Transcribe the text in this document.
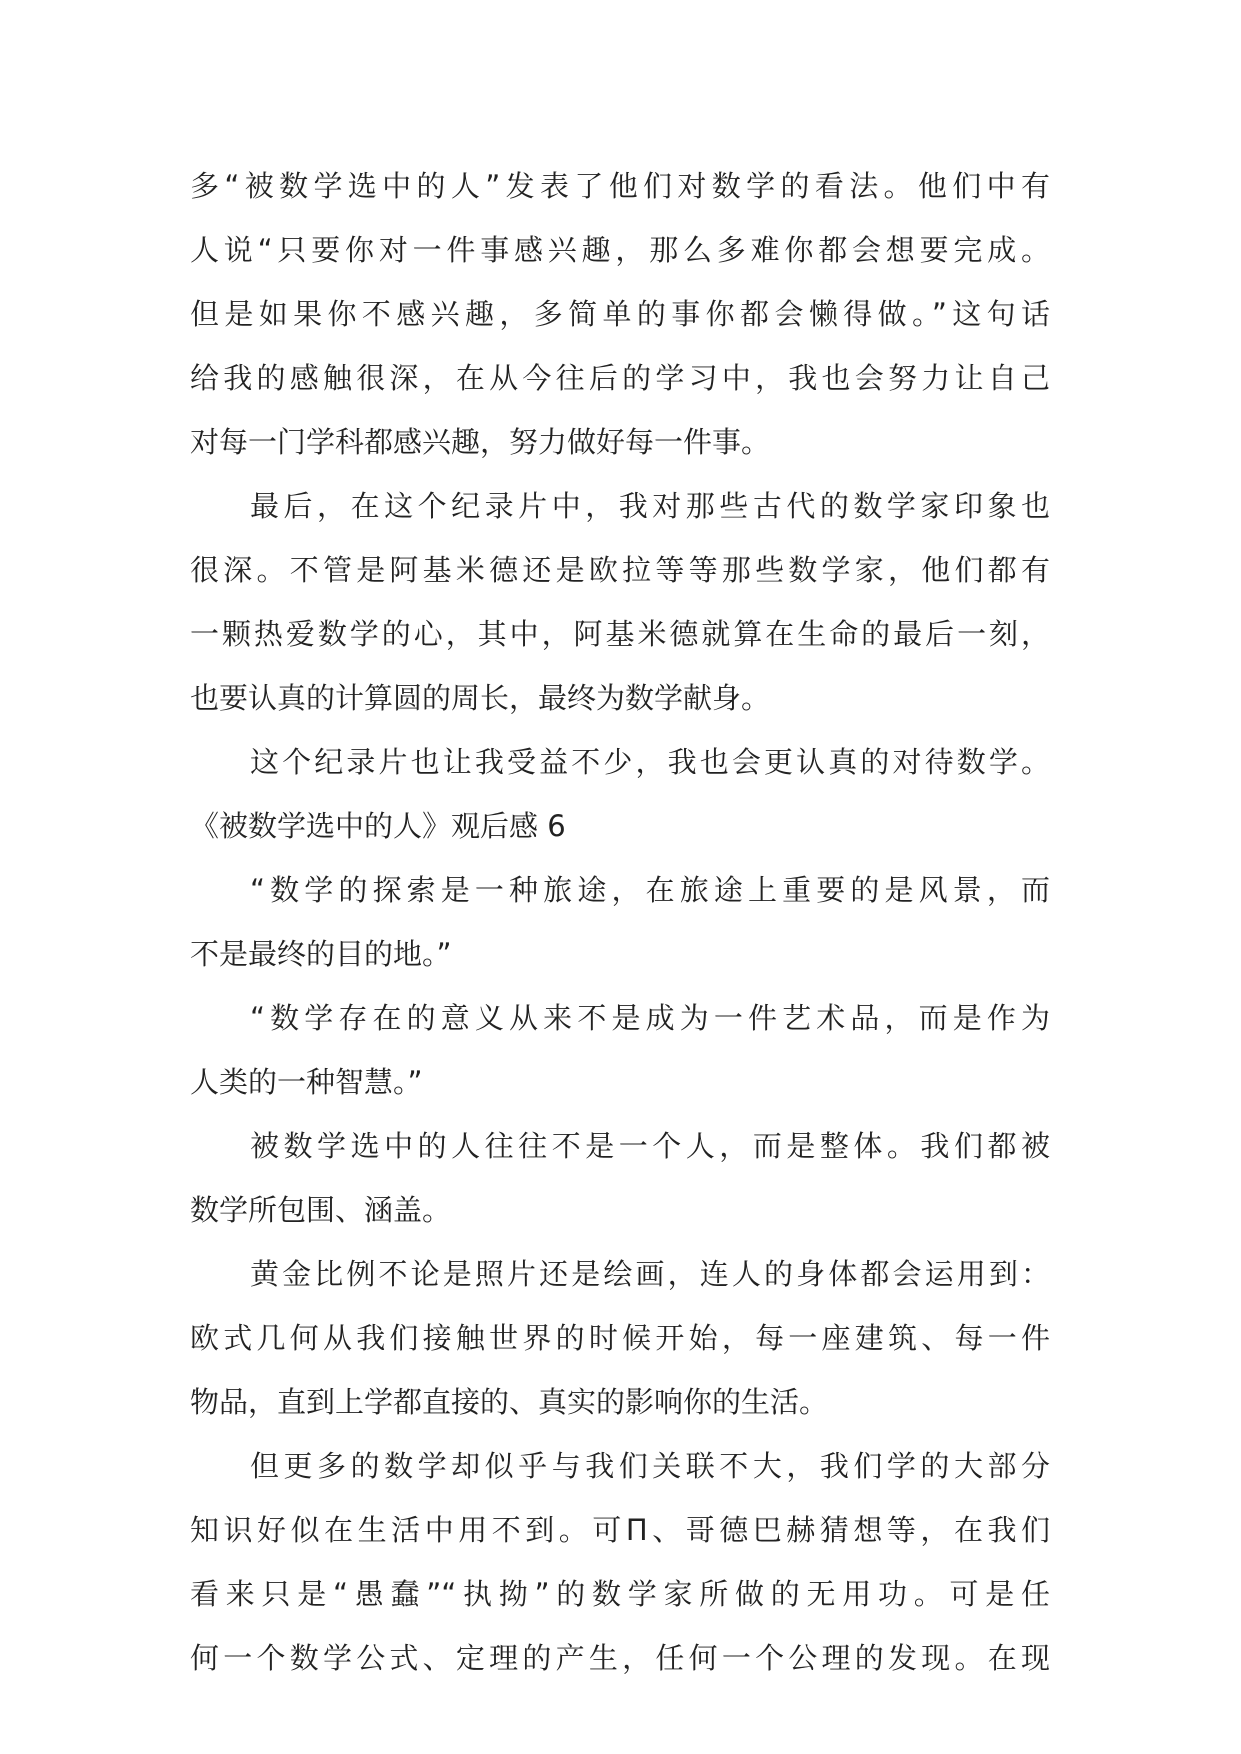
多“被数学选中的人”发表了他们对数学的看法。他们中有
人说“只要你对一件事感兴趣，那么多难你都会想要完成。
但是如果你不感兴趣，多简单的事你都会懒得做。”这句话
给我的感触很深，在从今往后的学习中，我也会努力让自己
对每一门学科都感兴趣，努力做好每一件事。
最后，在这个纪录片中，我对那些古代的数学家印象也
很深。不管是阿基米德还是欧拉等等那些数学家，他们都有
一颗热爱数学的心，其中，阿基米德就算在生命的最后一刻，
也要认真的计算圆的周长，最终为数学献身。
这个纪录片也让我受益不少，我也会更认真的对待数学。
《被数学选中的人》观后感 6
“数学的探索是一种旅途，在旅途上重要的是风景，而
不是最终的目的地。”
“数学存在的意义从来不是成为一件艺术品，而是作为
人类的一种智慧。”
被数学选中的人往往不是一个人，而是整体。我们都被
数学所包围、涵盖。
黄金比例不论是照片还是绘画，连人的身体都会运用到：
欧式几何从我们接触世界的时候开始，每一座建筑、每一件
物品，直到上学都直接的、真实的影响你的生活。
但更多的数学却似乎与我们关联不大，我们学的大部分
知识好似在生活中用不到。可Π、哥德巴赫猜想等，在我们
看来只是“愚蠢”“执拗”的数学家所做的无用功。可是任
何一个数学公式、定理的产生，任何一个公理的发现。在现
